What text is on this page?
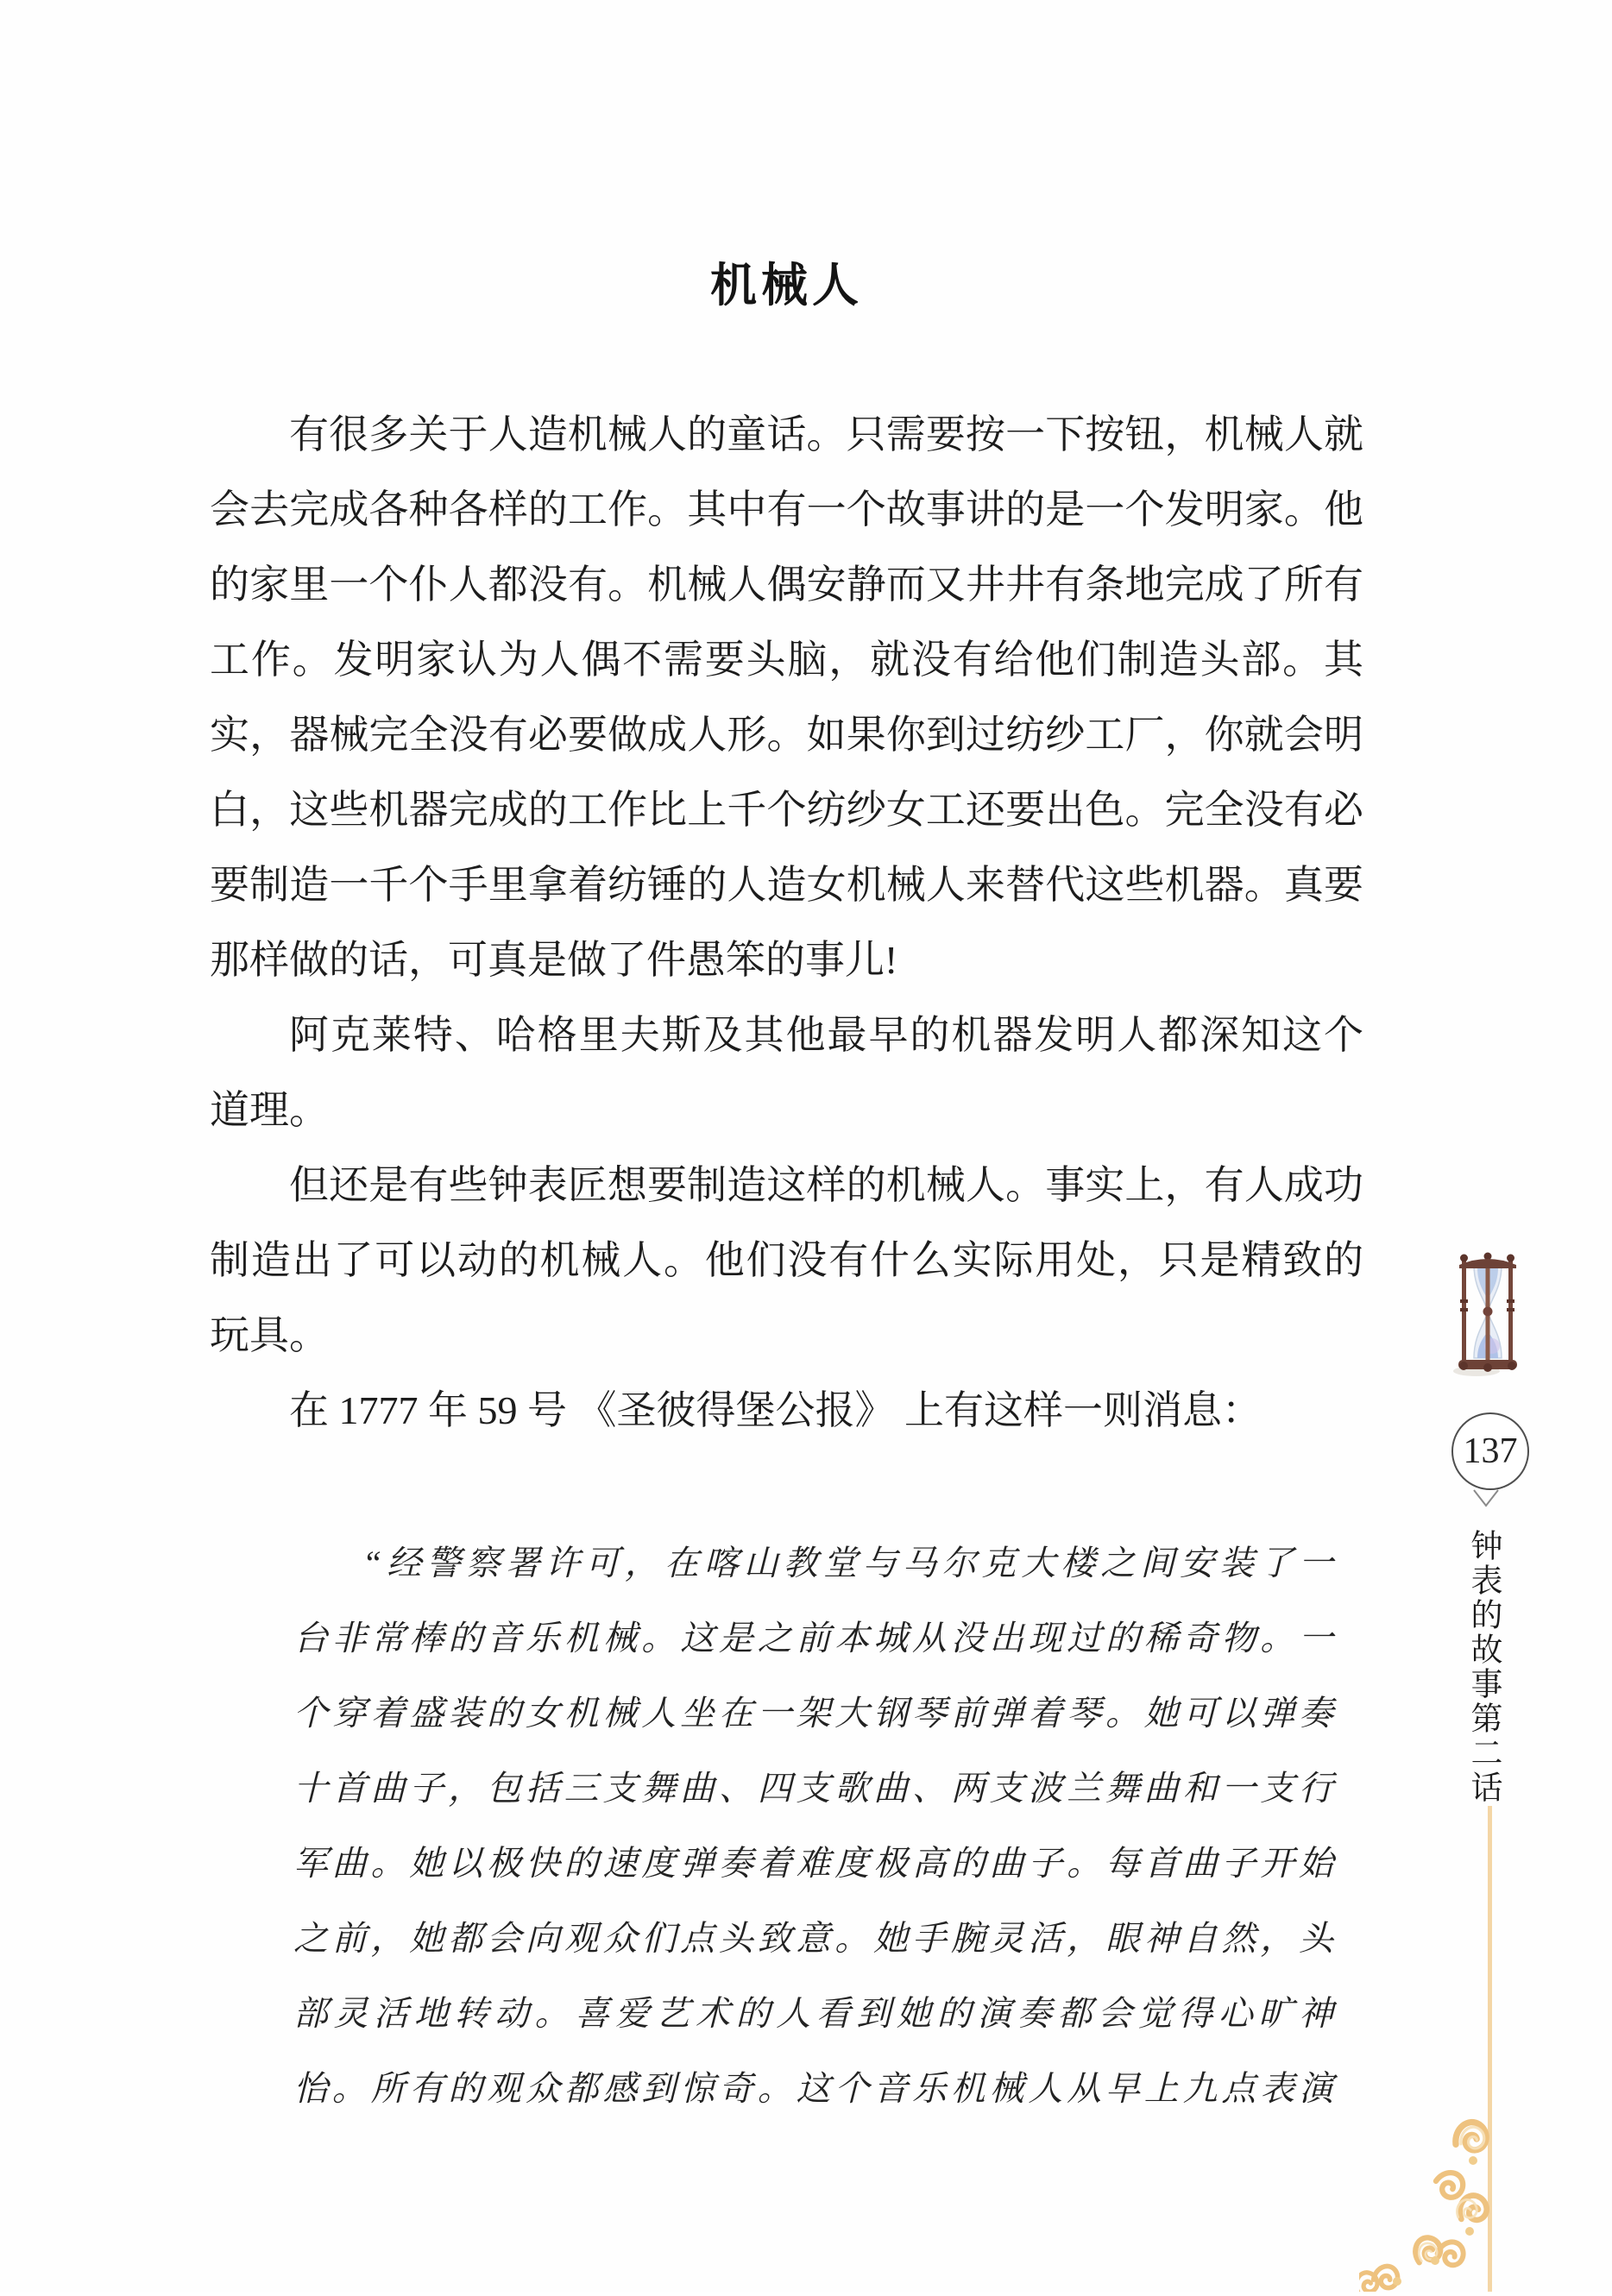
机械人
有很多关于人造机械人的童话。只需要按一下按钮，机械人就
会去完成各种各样的工作。其中有一个故事讲的是一个发明家。他
的家里一个仆人都没有。机械人偶安静而又井井有条地完成了所有
工作。发明家认为人偶不需要头脑，就没有给他们制造头部。其
实，器械完全没有必要做成人形。如果你到过纺纱工厂，你就会明
白，这些机器完成的工作比上千个纺纱女工还要出色。完全没有必
要制造一千个手里拿着纺锤的人造女机械人来替代这些机器。真要
那样做的话，可真是做了件愚笨的事儿!
阿克莱特、哈格里夫斯及其他最早的机器发明人都深知这个
道理。
但还是有些钟表匠想要制造这样的机械人。事实上，有人成功
制造出了可以动的机械人。他们没有什么实际用处，只是精致的
玩具。
在 1777 年 59 号 《圣彼得堡公报》 上有这样一则消息：
“经警察署许可，在喀山教堂与马尔克大楼之间安装了一
台非常棒的音乐机械。这是之前本城从没出现过的稀奇物。一
个穿着盛装的女机械人坐在一架大钢琴前弹着琴。她可以弹奏
十首曲子，包括三支舞曲、四支歌曲、两支波兰舞曲和一支行
军曲。她以极快的速度弹奏着难度极高的曲子。每首曲子开始
之前，她都会向观众们点头致意。她手腕灵活，眼神自然，头
部灵活地转动。喜爱艺术的人看到她的演奏都会觉得心旷神
怡。所有的观众都感到惊奇。这个音乐机械人从早上九点表演
137
钟表的故事第二话
